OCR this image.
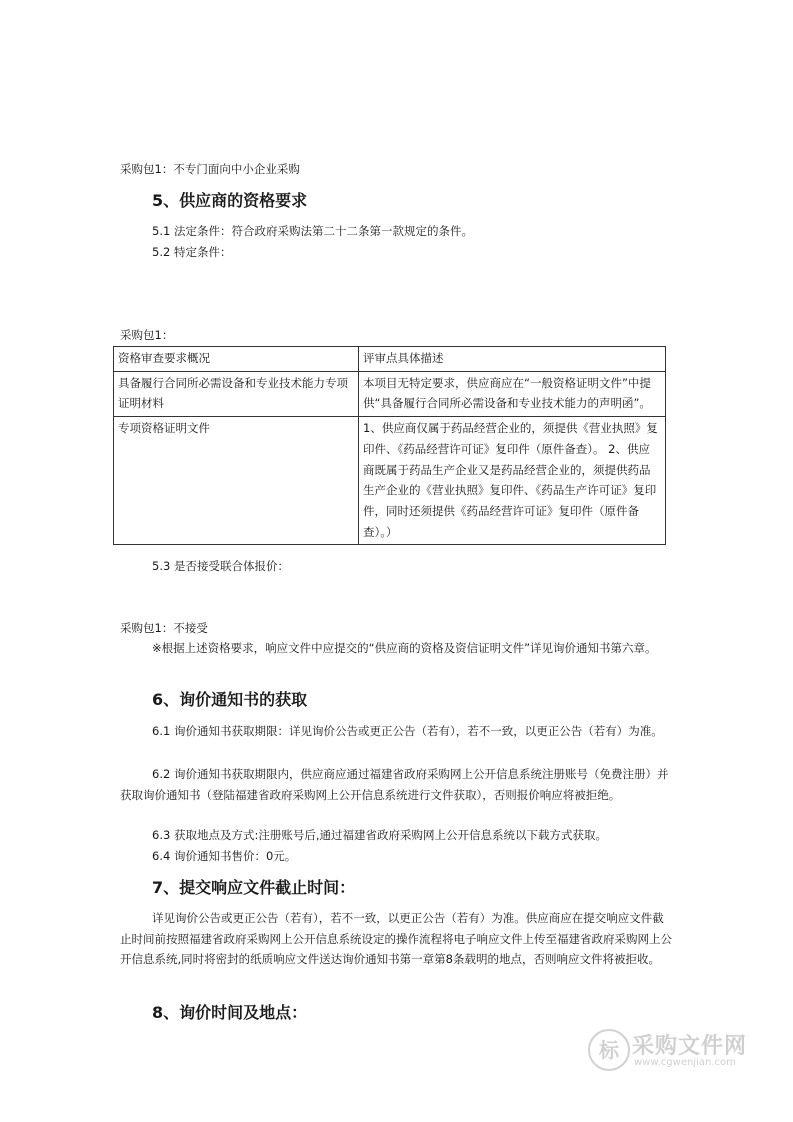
采购包1：不专门面向中小企业采购
5、供应商的资格要求
5.1 法定条件：符合政府采购法第二十二条第一款规定的条件。
5.2 特定条件：
采购包1：
资格审查要求概况	评审点具体描述
具备履行合同所必需设备和专业技术能力专项证明材料	本项目无特定要求，供应商应在“一般资格证明文件”中提供“具备履行合同所必需设备和专业技术能力的声明函”。
专项资格证明文件	1、供应商仅属于药品经营企业的，须提供《营业执照》复印件、《药品经营许可证》复印件（原件备查）。 2、供应商既属于药品生产企业又是药品经营企业的，须提供药品生产企业的《营业执照》复印件、《药品生产许可证》复印件，同时还须提供《药品经营许可证》复印件（原件备查）。）
5.3 是否接受联合体报价：
采购包1：不接受
※根据上述资格要求，响应文件中应提交的“供应商的资格及资信证明文件”详见询价通知书第六章。
6、询价通知书的获取
6.1 询价通知书获取期限：详见询价公告或更正公告（若有），若不一致，以更正公告（若有）为准。
6.2 询价通知书获取期限内，供应商应通过福建省政府采购网上公开信息系统注册账号（免费注册）并获取询价通知书（登陆福建省政府采购网上公开信息系统进行文件获取），否则报价响应将被拒绝。
6.3 获取地点及方式:注册账号后,通过福建省政府采购网上公开信息系统以下载方式获取。
6.4 询价通知书售价：0元。
7、提交响应文件截止时间：
详见询价公告或更正公告（若有），若不一致，以更正公告（若有）为准。供应商应在提交响应文件截止时间前按照福建省政府采购网上公开信息系统设定的操作流程将电子响应文件上传至福建省政府采购网上公开信息系统,同时将密封的纸质响应文件送达询价通知书第一章第8条载明的地点，否则响应文件将被拒收。
8、询价时间及地点：
标 采购文件网
www.cgwenjian.com
